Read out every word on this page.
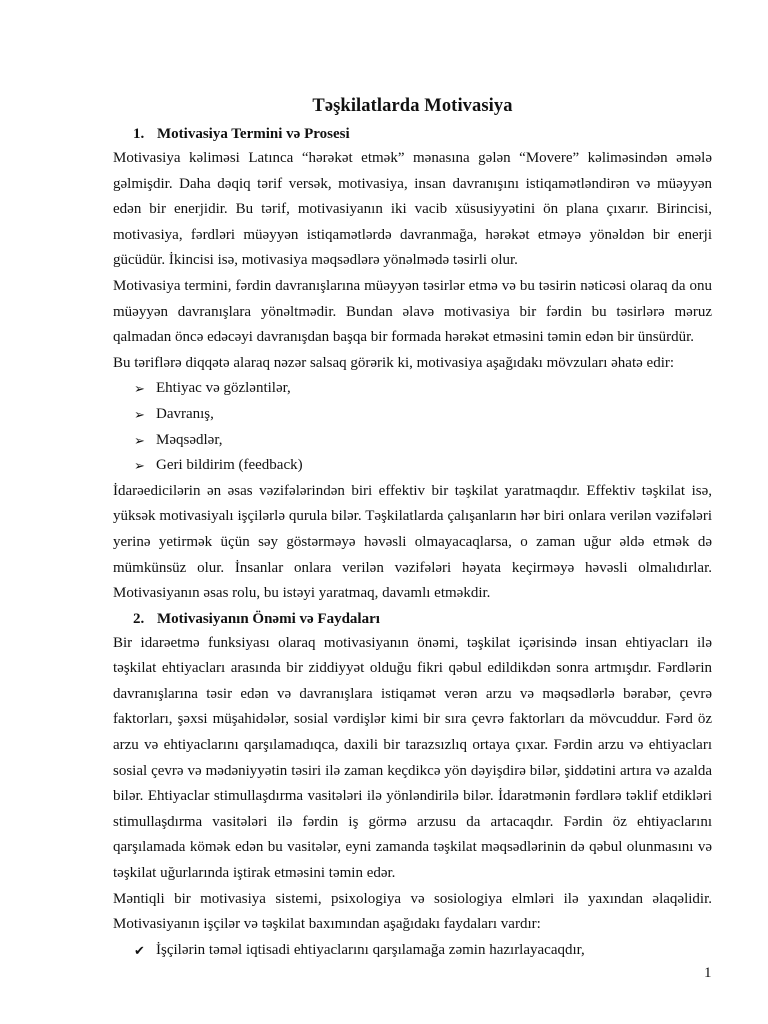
Təşkilatlarda Motivasiya
1. Motivasiya Termini və Prosesi

Motivasiya kəliməsi Latınca “hərəkət etmək” mənasına gələn “Movere” kəliməsindən əmələ gəlmişdir. Daha dəqiq tərif versək, motivasiya, insan davranışını istiqamətləndirən və müəyyən edən bir enerjidir. Bu tərif, motivasiyanın iki vacib xüsusiyyətini ön plana çıxarır. Birincisi, motivasiya, fərdləri müəyyən istiqamətlərdə davranmağa, hərəkət etməyə yönəldən bir enerji gücüdür. İkincisi isə, motivasiya məqsədlərə yönəlmədə təsirli olur.

Motivasiya termini, fərdin davranışlarına müəyyən təsirlər etmə və bu təsirin nəticəsi olaraq da onu müəyyən davranışlara yönəltmədir. Bundan əlavə motivasiya bir fərdin bu təsirlərə məruz qalmadan öncə edəcəyi davranışdan başqa bir formada hərəkət etməsini təmin edən bir ünsürdür.

Bu təriflərə diqqətə alaraq nəzər salsaq görərik ki, motivasiya aşağıdakı mövzuları əhatə edir:

➢ Ehtiyac və gözləntilər,
➢ Davranış,
➢ Məqsədlər,
➢ Geri bildirim (feedback)

İdarəedicilərin ən əsas vəzifələrindən biri effektiv bir təşkilat yaratmaqdır. Effektiv təşkilat isə, yüksək motivasiyalı işçilərlə qurula bilər. Təşkilatlarda çalışanların hər biri onlara verilən vəzifələri yerinə yetirmək üçün səy göstərməyə həvəsli olmayacaqlarsa, o zaman uğur əldə etmək də mümkünsüz olur. İnsanlar onlara verilən vəzifələri həyata keçirməyə həvəsli olmalıdırlar. Motivasiyanın əsas rolu, bu istəyi yaratmaq, davamlı etməkdir.

2. Motivasiyanın Önəmi və Faydaları

Bir idarəetmə funksiyası olaraq motivasiyanın önəmi, təşkilat içərisində insan ehtiyacları ilə təşkilat ehtiyacları arasında bir ziddiyyət olduğu fikri qəbul edildikdən sonra artmışdır. Fərdlərin davranışlarına təsir edən və davranışlara istiqamət verən arzu və məqsədlərlə bərabər, çevrə faktorları, şəxsi müşahidələr, sosial vərdişlər kimi bir sıra çevrə faktorları da mövcuddur. Fərd öz arzu və ehtiyaclarını qarşılamadıqca, daxili bir tarazsızlıq ortaya çıxar. Fərdin arzu və ehtiyacları sosial çevrə və mədəniyyətin təsiri ilə zaman keçdikcə yön dəyişdirə bilər, şiddətini artıra və azalda bilər. Ehtiyaclar stimullaşdırma vasitələri ilə yönləndirilə bilər. İdarətmənin fərdlərə təklif etdikləri stimullaşdırma vasitələri ilə fərdin iş görmə arzusu da artacaqdır. Fərdin öz ehtiyaclarını qarşılamada kömək edən bu vasitələr, eyni zamanda təşkilat məqsədlərinin də qəbul olunmasını və təşkilat uğurlarında iştirak etməsini təmin edər.

Məntiqli bir motivasiya sistemi, psixologiya və sosiologiya elmləri ilə yaxından əlaqəlidir. Motivasiyanın işçilər və təşkilat baxımından aşağıdakı faydaları vardır:

✔ İşçilərin təməl iqtisadi ehtiyaclarını qarşılamağa zəmin hazırlayacaqdır,
1
